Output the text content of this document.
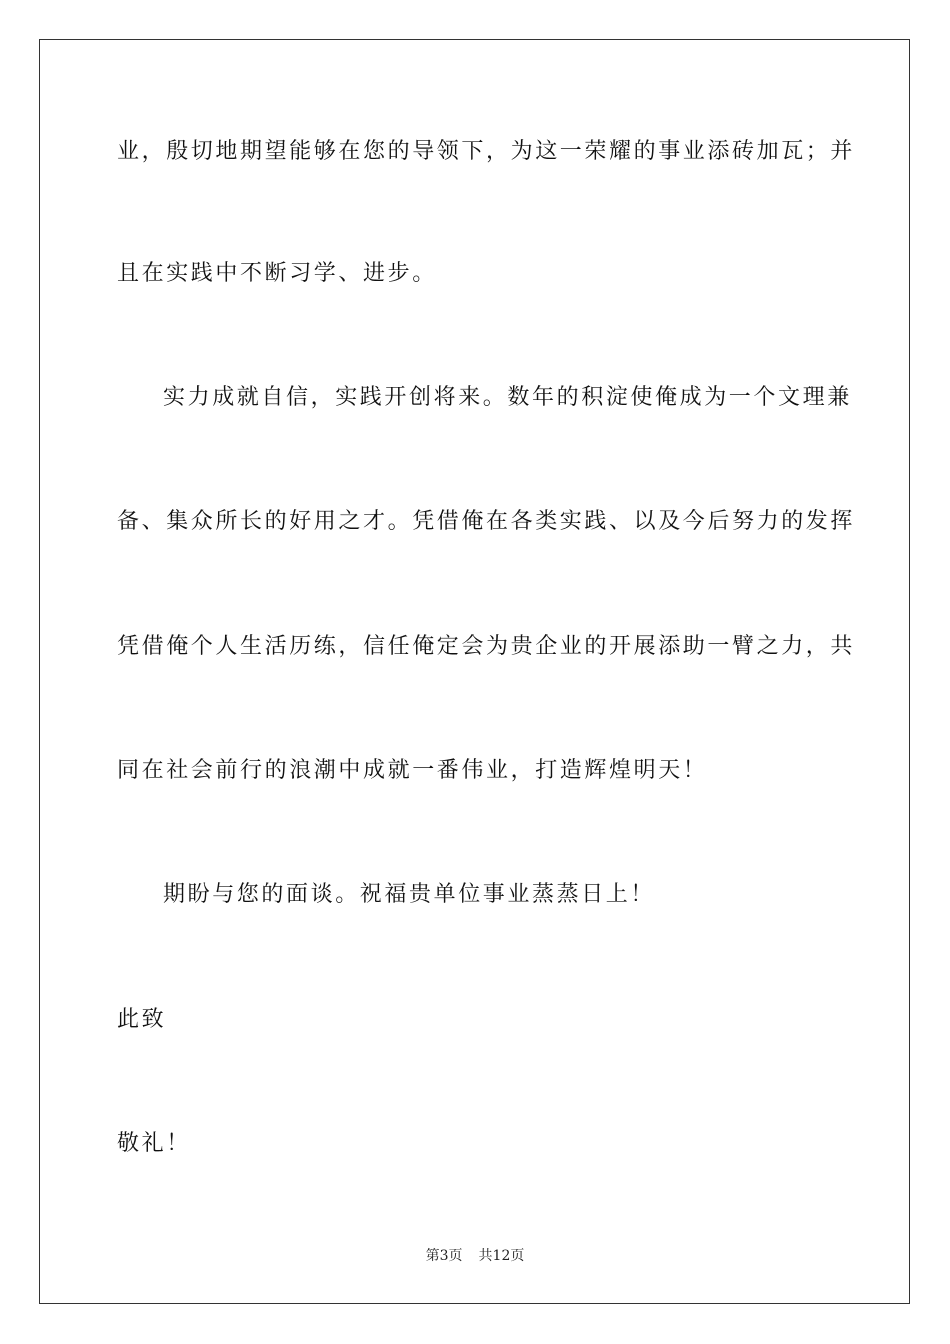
业，殷切地期望能够在您的导领下，为这一荣耀的事业添砖加瓦；并
且在实践中不断习学、进步。
实力成就自信，实践开创将来。数年的积淀使俺成为一个文理兼
备、集众所长的好用之才。凭借俺在各类实践、以及今后努力的发挥
凭借俺个人生活历练，信任俺定会为贵企业的开展添助一臂之力，共
同在社会前行的浪潮中成就一番伟业，打造辉煌明天！
期盼与您的面谈。祝福贵单位事业蒸蒸日上！
此致
敬礼！
第3页 共12页
